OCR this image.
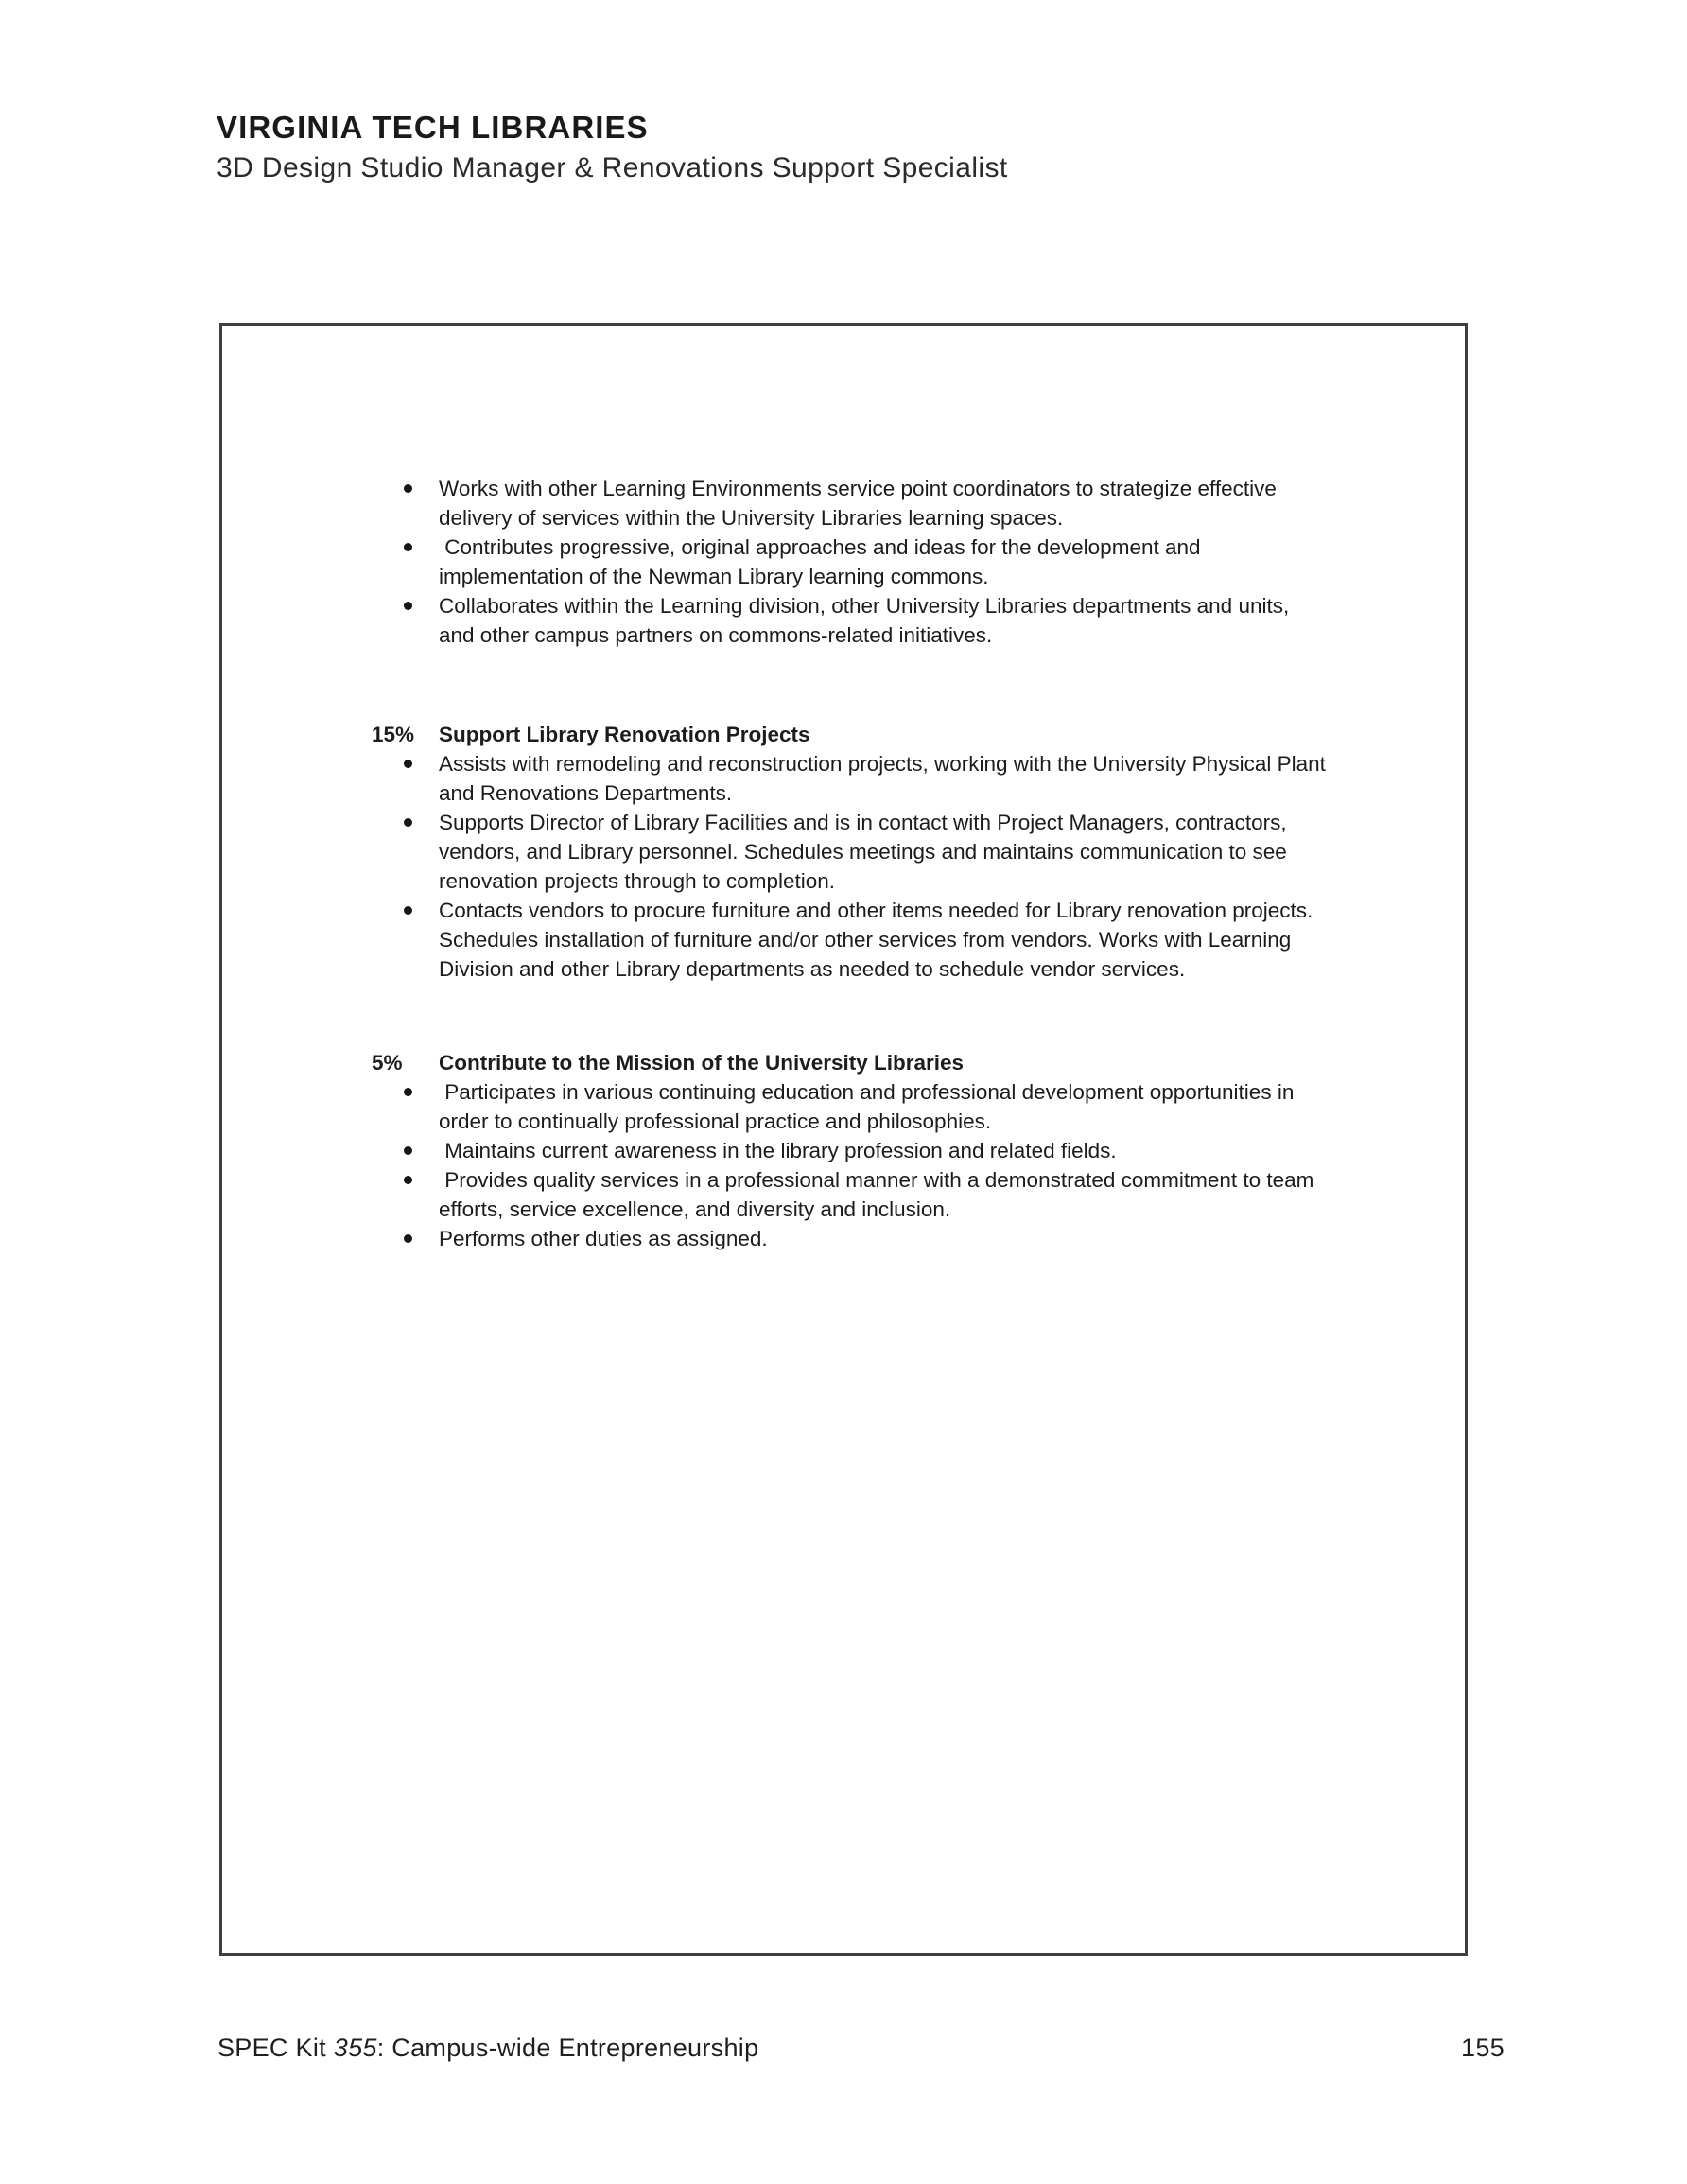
VIRGINIA TECH LIBRARIES
3D Design Studio Manager & Renovations Support Specialist
Works with other Learning Environments service point coordinators to strategize effective delivery of services within the University Libraries learning spaces.
Contributes progressive, original approaches and ideas for the development and implementation of the Newman Library learning commons.
Collaborates within the Learning division, other University Libraries departments and units, and other campus partners on commons-related initiatives.
15%	Support Library Renovation Projects
Assists with remodeling and reconstruction projects, working with the University Physical Plant and Renovations Departments.
Supports Director of Library Facilities and is in contact with Project Managers, contractors, vendors, and Library personnel. Schedules meetings and maintains communication to see renovation projects through to completion.
Contacts vendors to procure furniture and other items needed for Library renovation projects. Schedules installation of furniture and/or other services from vendors. Works with Learning Division and other Library departments as needed to schedule vendor services.
5%	Contribute to the Mission of the University Libraries
Participates in various continuing education and professional development opportunities in order to continually professional practice and philosophies.
Maintains current awareness in the library profession and related fields.
Provides quality services in a professional manner with a demonstrated commitment to team efforts, service excellence, and diversity and inclusion.
Performs other duties as assigned.
SPEC Kit 355: Campus-wide Entrepreneurship	155
